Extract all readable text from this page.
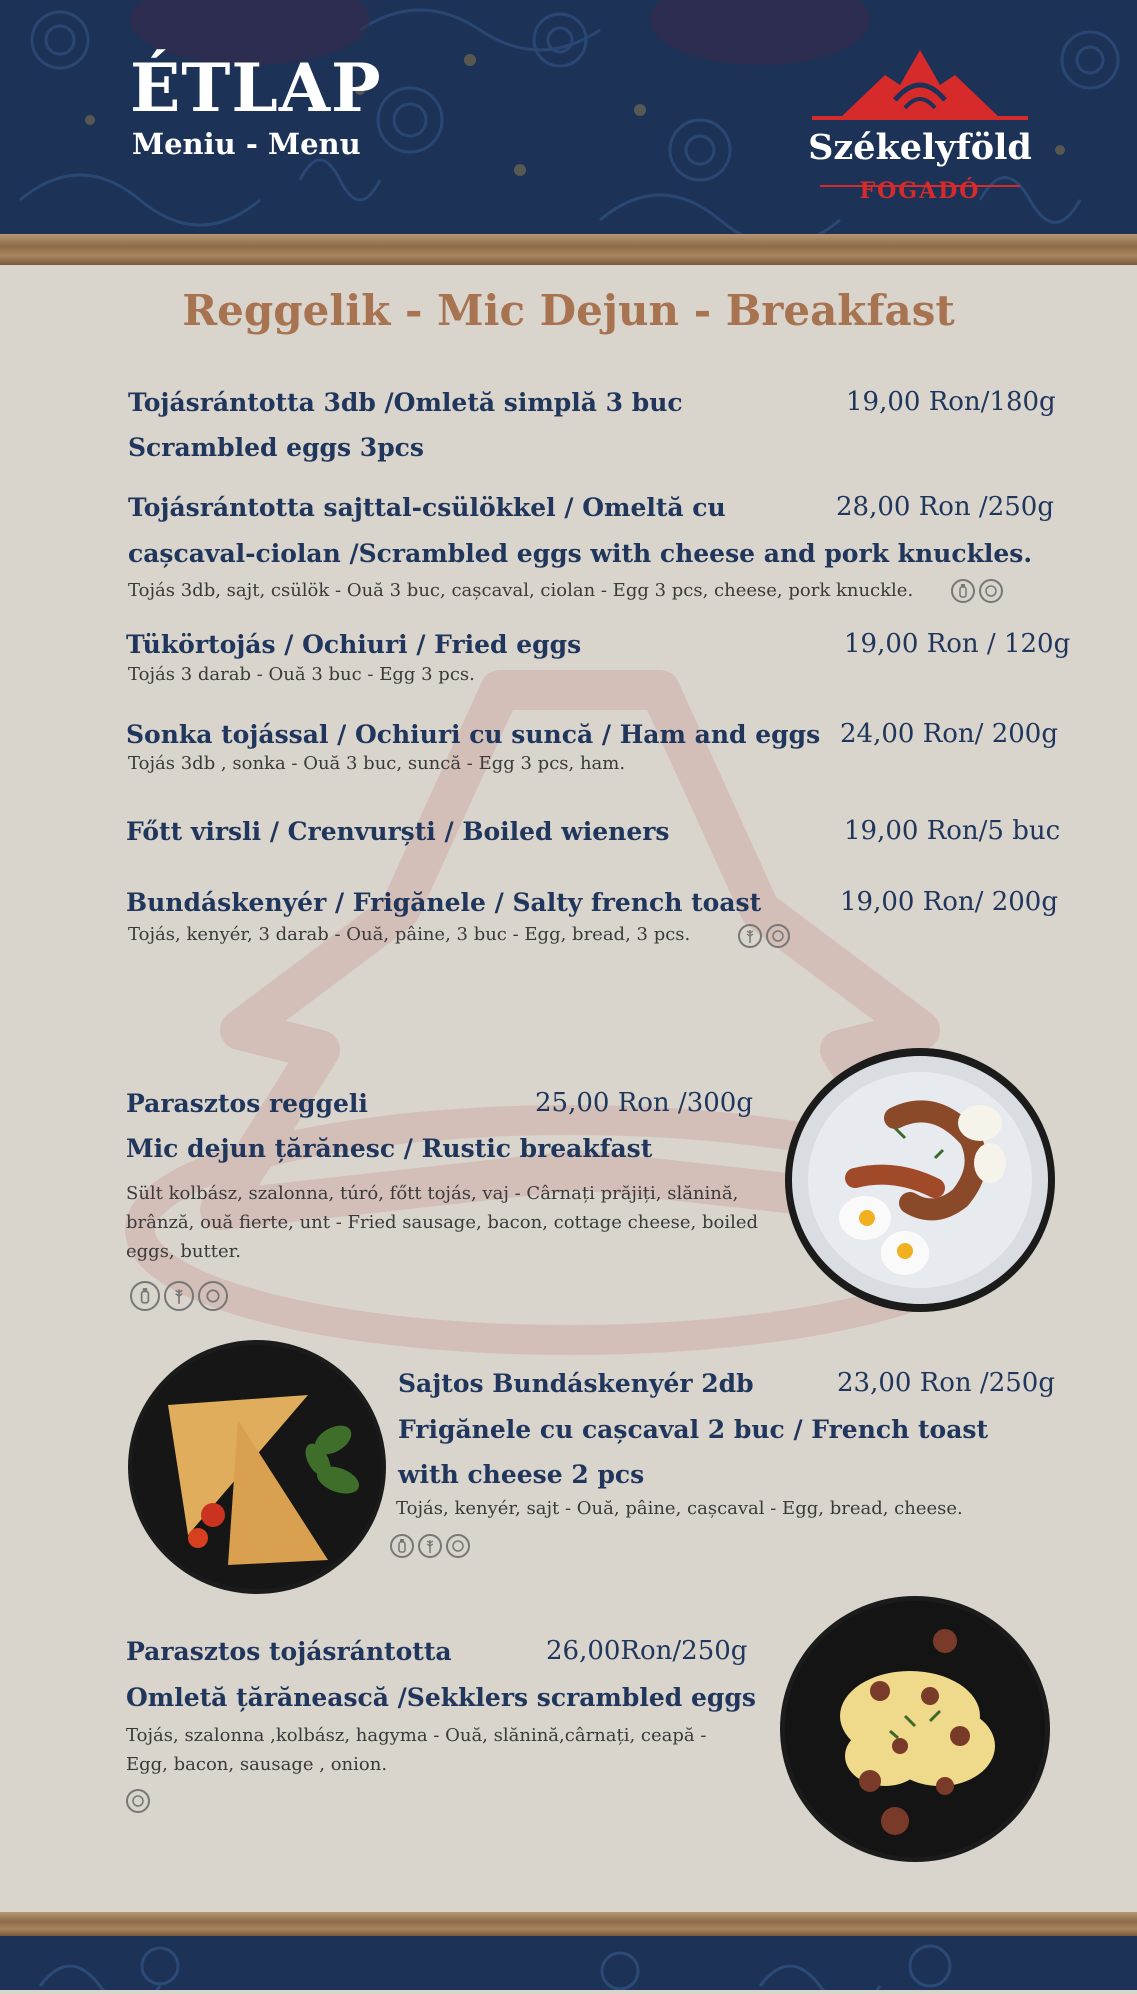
ÉTLAP
Meniu - Menu	Székelyföld
FOGADÓ
Reggelik - Mic Dejun - Breakfast
Tojásrántotta 3db /Omletă simplă 3 buc
Scrambled eggs 3pcs
19,00 Ron/180g
Tojásrántotta sajttal-csülökkel / Omeltă cu
cașcaval-ciolan /Scrambled eggs with cheese and pork knuckles.
28,00 Ron /250g
Tojás 3db, sajt, csülök - Ouă 3 buc, cașcaval, ciolan - Egg 3 pcs, cheese, pork knuckle.
Tükörtojás / Ochiuri / Fried eggs	19,00 Ron / 120g
Tojás 3 darab - Ouă 3 buc - Egg 3 pcs.
Sonka tojással / Ochiuri cu suncă / Ham and eggs 24,00 Ron/ 200g
Tojás 3db , sonka - Ouă 3 buc, suncă - Egg 3 pcs, ham.
Főtt virsli / Crenvurști / Boiled wieners	19,00 Ron/5 buc
Bundáskenyér / Frigănele / Salty french toast	19,00 Ron/ 200g
Tojás, kenyér, 3 darab - Ouă, pâine, 3 buc - Egg, bread, 3 pcs.
Parasztos reggeli	25,00 Ron /300g
Mic dejun țărănesc / Rustic breakfast
Sült kolbász, szalonna, túró, főtt tojás, vaj - Cârnați prăjiți, slănină, brânză, ouă fierte, unt - Fried sausage, bacon, cottage cheese, boiled eggs, butter.
Sajtos Bundáskenyér 2db	23,00 Ron /250g
Frigănele cu cașcaval 2 buc / French toast
with cheese 2 pcs
Tojás, kenyér, sajt - Ouă, pâine, cașcaval - Egg, bread, cheese.
Parasztos tojásrántotta	26,00Ron/250g
Omletă țărănească /Sekklers scrambled eggs
Tojás, szalonna ,kolbász, hagyma - Ouă, slănină,cârnați, ceapă - Egg, bacon, sausage , onion.
